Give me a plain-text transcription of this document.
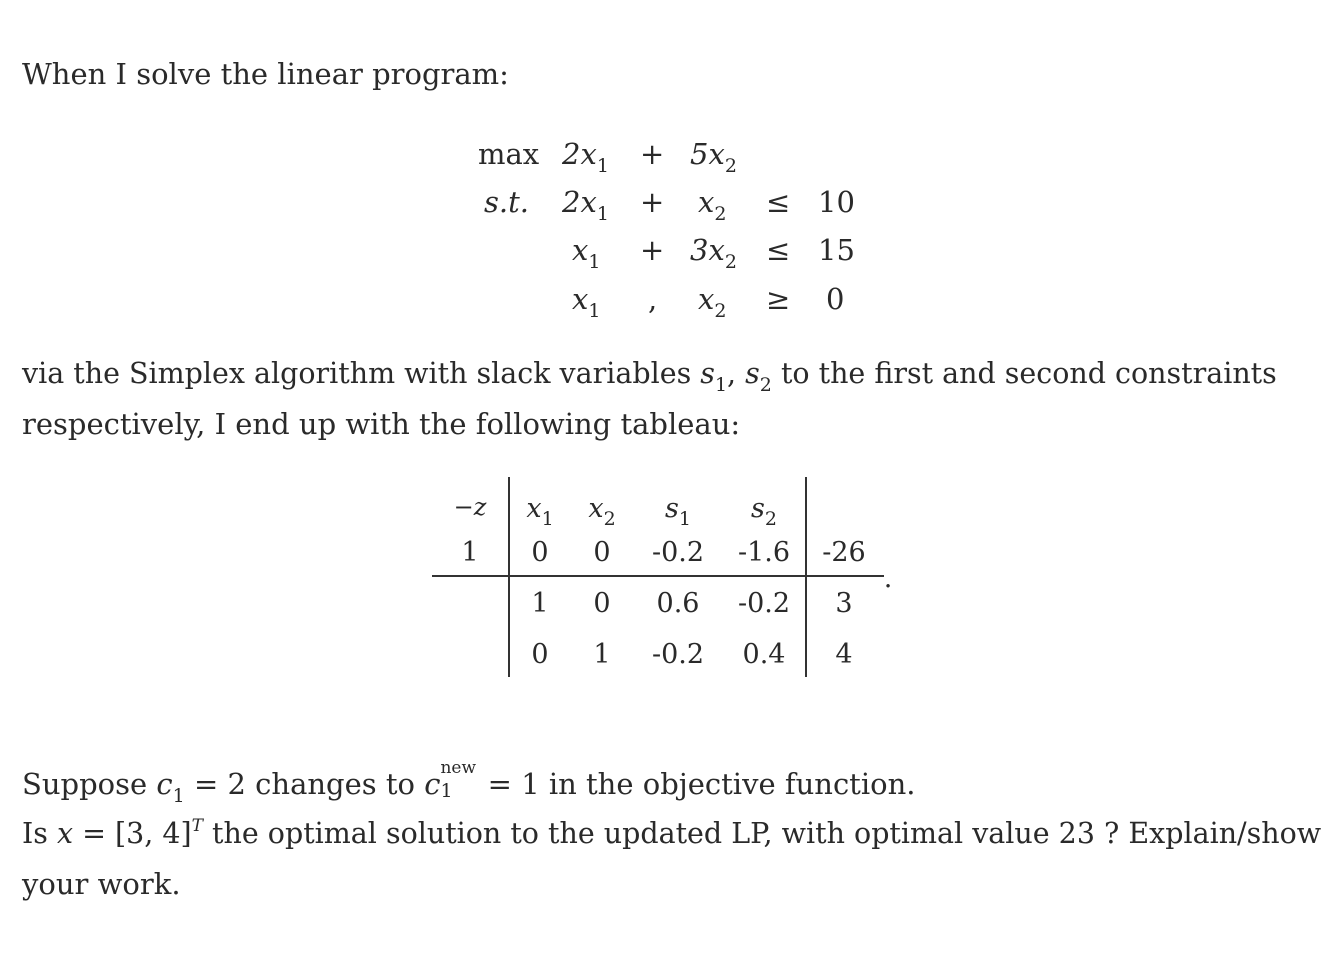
When I solve the linear program:
$\max 2x_1 + 5x_2$
s.t. $2x_1 + x_2 \le 10$
$x_1 + 3x_2 \le 15$
$x_1$ , $x_2 \ge 0$
via the Simplex algorithm with slack variables $s_1$, $s_2$ to the first and second constraints
respectively, I end up with the following tableau:
.
−z $x_1$ $x_2$ $s_1$ $s_2$
1 0 0 -0.2 -1.6 -26
1 0 0.6 -0.2 3
0 1 -0.2 0.4 4
Suppose $c_1 = 2$ changes to c new
1 = 1 in the objective function.
Is x = [3, 4]$^T$ the optimal solution to the updated LP, with optimal value 23 ? Explain/show
your work.
